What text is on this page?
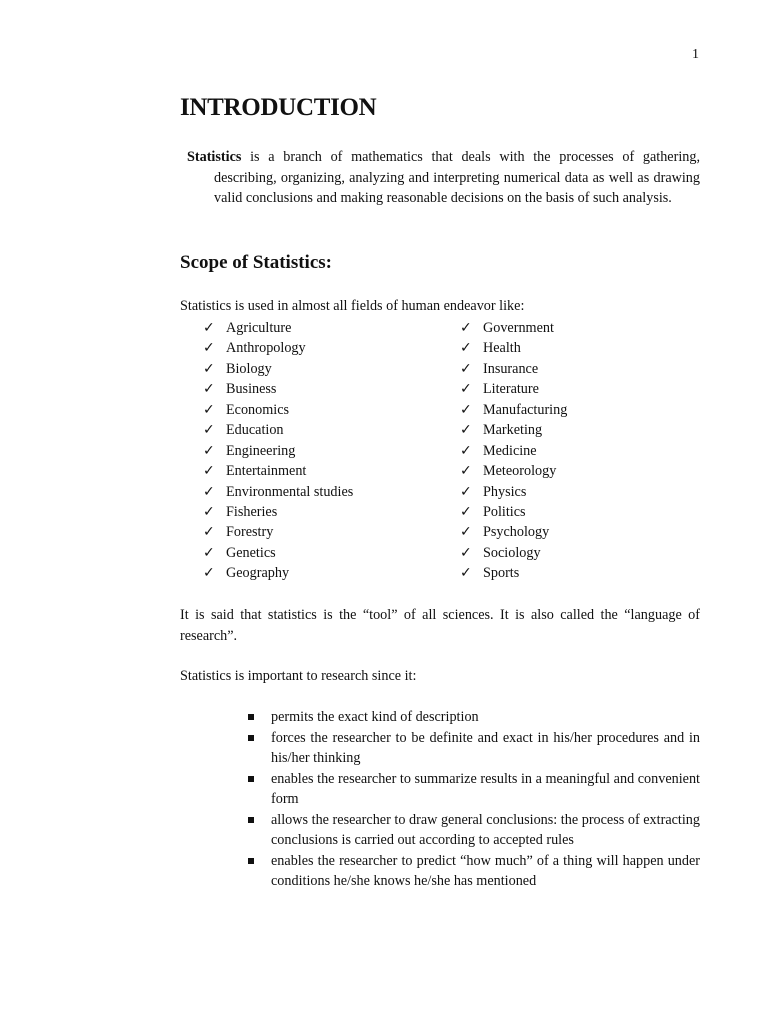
1
INTRODUCTION

Statistics is a branch of mathematics that deals with the processes of gathering, describing, organizing, analyzing and interpreting numerical data as well as drawing valid conclusions and making reasonable decisions on the basis of such analysis.

Scope of Statistics:
Statistics is used in almost all fields of human endeavor like:
✓ Agriculture
✓ Anthropology
✓ Biology
✓ Business
✓ Economics
✓ Education
✓ Engineering
✓ Entertainment
✓ Environmental studies
✓ Fisheries
✓ Forestry
✓ Genetics
✓ Geography
✓ Government
✓ Health
✓ Insurance
✓ Literature
✓ Manufacturing
✓ Marketing
✓ Medicine
✓ Meteorology
✓ Physics
✓ Politics
✓ Psychology
✓ Sociology
✓ Sports

It is said that statistics is the “tool” of all sciences. It is also called the “language of research”.

Statistics is important to research since it:

permits the exact kind of description
forces the researcher to be definite and exact in his/her procedures and in his/her thinking
enables the researcher to summarize results in a meaningful and convenient form
allows the researcher to draw general conclusions: the process of extracting conclusions is carried out according to accepted rules
enables the researcher to predict “how much” of a thing will happen under conditions he/she knows he/she has mentioned
